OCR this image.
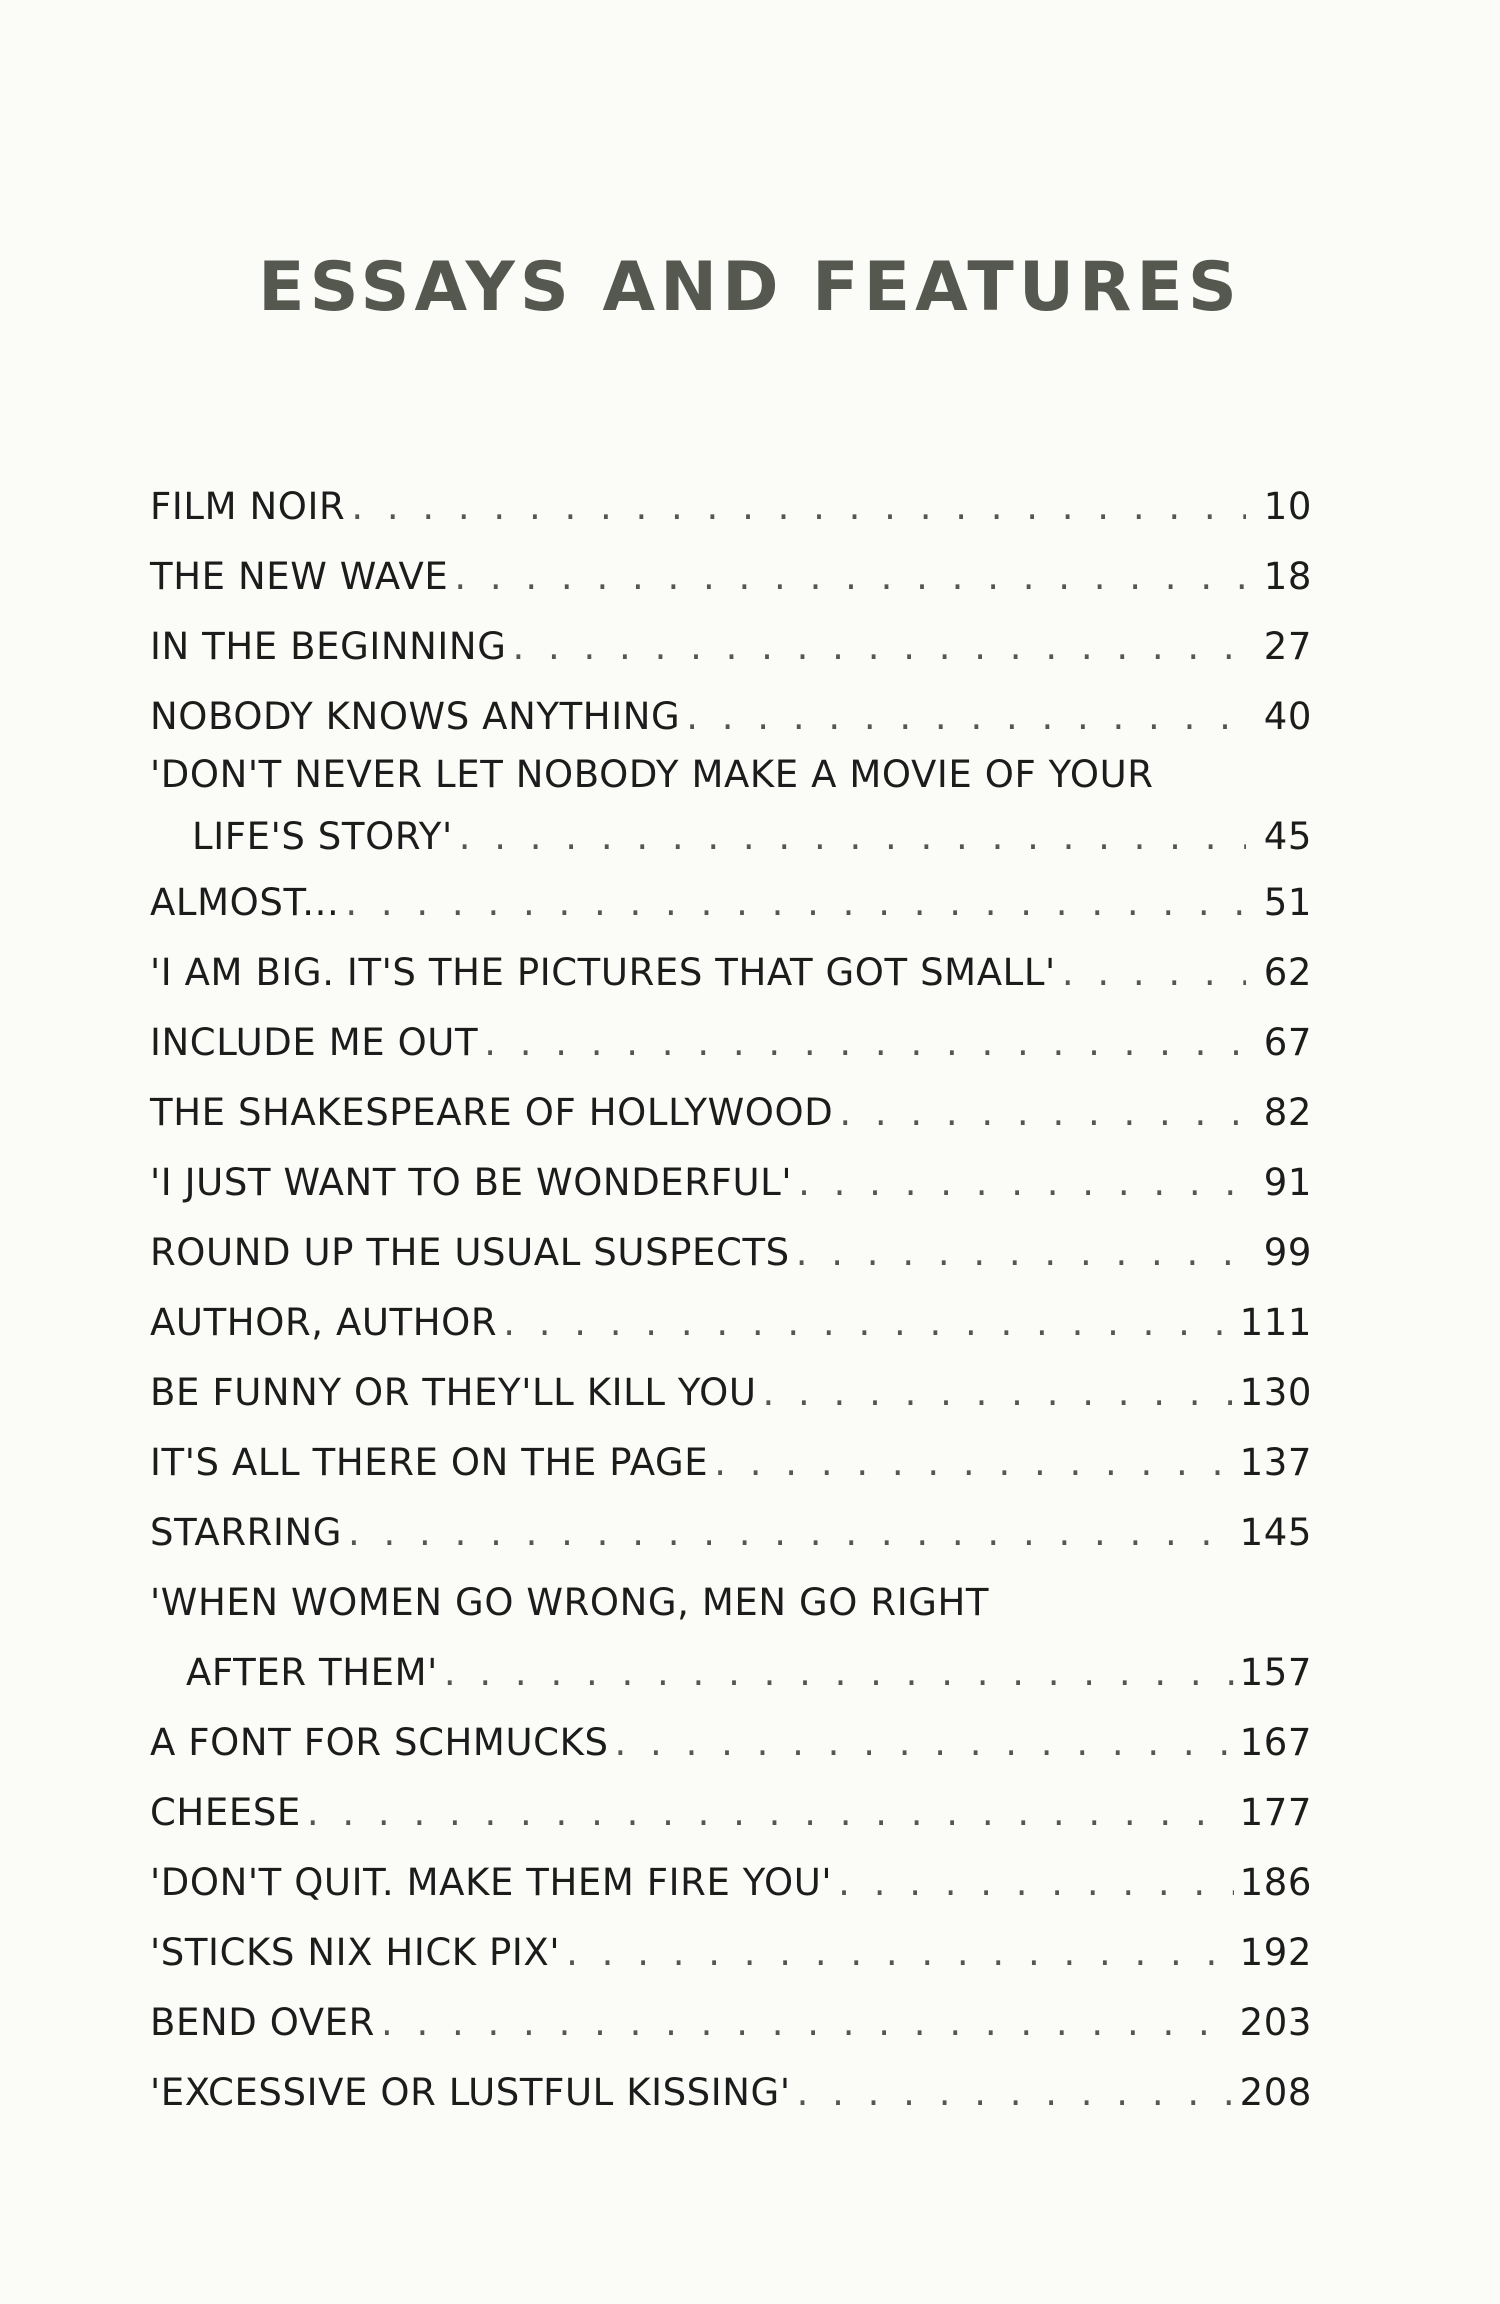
ESSAYS AND FEATURES
FILM NOIR . . .	10
THE NEW WAVE . . .	18
IN THE BEGINNING . . .	27
NOBODY KNOWS ANYTHING . . .	40
'DON'T NEVER LET NOBODY MAKE A MOVIE OF YOUR
LIFE'S STORY' . . .	45
ALMOST... . . .	51
'I AM BIG. IT'S THE PICTURES THAT GOT SMALL' . . .	62
INCLUDE ME OUT . . .	67
THE SHAKESPEARE OF HOLLYWOOD . . .	82
'I JUST WANT TO BE WONDERFUL' . . .	91
ROUND UP THE USUAL SUSPECTS . . .	99
AUTHOR, AUTHOR . . .	111
BE FUNNY OR THEY'LL KILL YOU . . .	130
IT'S ALL THERE ON THE PAGE . . .	137
STARRING . . .	145
'WHEN WOMEN GO WRONG, MEN GO RIGHT
AFTER THEM' . . .	157
A FONT FOR SCHMUCKS . . .	167
CHEESE . . .	177
'DON'T QUIT. MAKE THEM FIRE YOU' . . .	186
'STICKS NIX HICK PIX' . . .	192
BEND OVER . . .	203
'EXCESSIVE OR LUSTFUL KISSING' . . .	208
